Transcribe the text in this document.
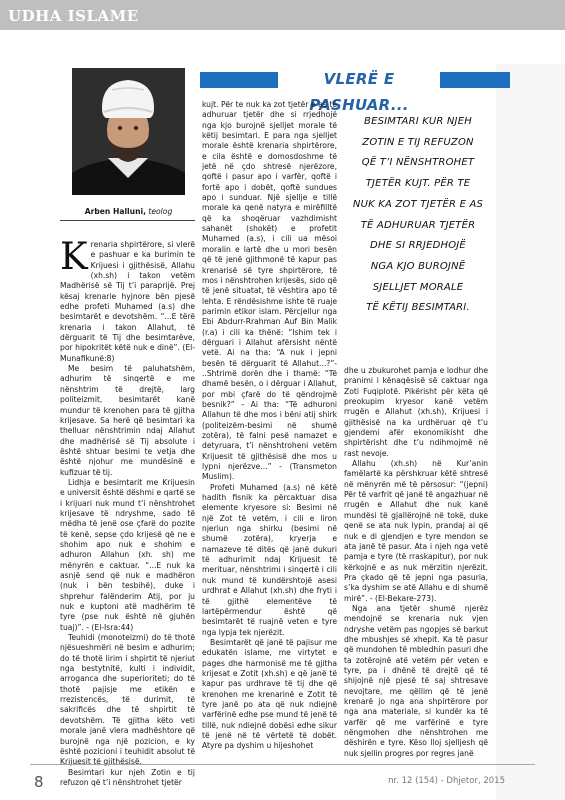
UDHA ISLAME
Arben Halluni, teolog
VLERË E PASHUAR...
BESIMTARI KUR NJEH
ZOTIN E TIJ REFUZON
QË T’I NËNSHTROHET
TJETËR KUJT. PËR TE
NUK KA ZOT TJETËR E AS
TË ADHURUAR TJETËR
DHE SI RRJEDHOJË
NGA KJO BUROJNË
SJELLJET MORALE
TË KËTIJ BESIMTARI.

Krenaria shpirtërore, si vlerë e pashuar e ka burimin te Krijuesi i gjithësisë, Allahu (xh.sh) i takon vetëm Madhërisë së Tij t’i parapriјë. Prej kësaj krenarie hyjnore bën pjesë edhe profeti Muhamed (a.s) dhe besimtarët e devotshëm. “...E tërë krenaria i takon Allahut, të dërguarit të Tij dhe besimtarëve, por hipokritët këtë nuk e dinë”. (El-Munafikunë:8)

Me besim të paluhatshëm, adhurim të sinqertë e me nënshtrim të drejtë, larg politeizmit, besimtarët kanë mundur të krenohen para të gjitha krijesave. Sa herë që besimtari ka thelluar nënshtrimin ndaj Allahut dhe madhërisë së Tij absolute i është shtuar besimi te vetja dhe është njohur me mundësinë e kufizuar të tij.

Lidhja e besimtarit me Krijuesin e universit është dëshmi e qartë se i krijuari nuk mund t’i nënshtrohet krijesave të ndryshme, sado të mëdha të jenë ose çfarë do pozite të kenë, sepse çdo krijesë që ne e shohim apo nuk e shohim e adhuron Allahun (xh. sh) me mënyrën e caktuar. “...E nuk ka asnjë send që nuk e madhëron (nuk i bën tesbihë), duke i shprehur falënderim Atij, por ju nuk e kuptoni atë madhërim të tyre (pse nuk është në gjuhën tuaj)”. - (El-Isra:44)

Teuhidi (monoteizmi) do të thotë njësueshmëri në besim e adhurim; do të thotë lirim i shpirtit të njeriut nga bestytnitë, kulti i individit, arroganca dhe superioriteti; do të thotë pajisje me etikën e rrezistencës, të durimit, të sakrificës dhe të shpirtit të devotshëm. Të gjitha këto veti morale janë vlera madhështore që burojnë nga një pozicion, e ky është pozicioni i teuhidit absolut të Krijuesit të gjithësisë.

Besimtari kur njeh Zotin e tij refuzon që t’i nënshtrohet tjetër

kujt. Për te nuk ka zot tjetër e as të adhuruar tjetër dhe si rrjedhojë nga kjo burojnë sjelljet morale të këtij besimtari. E para nga sjelljet morale është krenaria shpirtërore, e cila është e domosdoshme të jetë në çdo shtresë njerëzore, qoftë i pasur apo i varfër, qoftë i fortë apo i dobët, qoftë sundues apo i sunduar. Një sjellje e tillë morale ka qenë natyra e mirëfilltë që ka shoqëruar vazhdimisht sahanët (shokët) e profetit Muhamed (a.s), i cili ua mësoi moralin e lartë dhe u mori besën që të jenë gjithmonë të kapur pas krenarisë së tyre shpirtërore, të mos i nënshtrohen krijesës, sido që të jenë situatat, të vështira apo të lehta. E rëndësishme ishte të ruaje parimin etikor islam. Përcjellur nga Ebi Abdurr-Rrahman Auf Bin Malik (r.a) i cili ka thënë: “Ishim tek i dërguari i Allahut afërsisht nëntë vetë. Ai na tha: “A nuk i jepni besën të dërguarit të Allahut...?”- ..Shtrimë dorën dhe i thamë: “Të dhamë besën, o i dërguar i Allahut, por mbi çfarë do të qëndrojmë besnik?” – Ai tha: “Të adhuroni Allahun të dhe mos i bëni atij shirk (politeizëm-besimi në shumë zotëra), të falni pesë namazet e detyruara, t’i nënshtroheni vetëm Krijuesit të gjithësisë dhe mos u lypni njerëzve...” - (Transmeton Muslim).

Profeti Muhamed (a.s) në këtë hadith fisnik ka përcaktuar disa elemente kryesore si: Besimi në një Zot të vetëm, i cili e liron njeriun nga shirku (besimi në shumë zotëra), kryerja e namazeve të ditës që janë dukuri të adhurimit ndaj Krijuesit të merituar, nënshtrimi i sinqertë i cili nuk mund të kundërshtojë asesi urdhrat e Allahut (xh.sh) dhe fryti i të gjithë elementëve të lartëpërmendur është që besimtarët të ruajnë veten e tyre nga lypja tek njerëzit.

Besimtarët që janë të pajisur me edukatën islame, me virtytet e pages dhe harmonisë me të gjitha krijesat e Zotit (xh.sh) e që janë të kapur pas urdhrave të tij dhe që krenohen me krenarinë e Zotit të tyre janë po ata që nuk ndiejnë varfërinë edhe pse mund të jenë të tillë, nuk ndiejnë dobësi edhe sikur të jenë në të vërtetë të dobët. Atyre pa dyshim u hijeshohet

dhe u zbukurohet pamja e lodhur dhe pranimi i kënaqësisë së caktuar nga Zoti Fuqiplotë. Pikërisht për këta që preokupim kryesor kanë vetëm rrugën e Allahut (xh.sh), Krijuesi i gjithësisë na ka urdhëruar që t’u gjendemi afër ekonomikisht dhe shpirtërisht dhe t’u ndihmojmë në rast nevoje.

Allahu (xh.sh) në Kur’anin famëlartë ka përshkruar këtë shtresë në mënyrën më të përsosur: “(jepni) Për të varfrit që janë të angazhuar në rrugën e Allahut dhe nuk kanë mundësi të gjallërojnë në tokë, duke qenë se ata nuk lypin, prandaj ai që nuk e di gjendjen e tyre mendon se ata janë të pasur. Ata i njeh nga vetë pamja e tyre (të rraskapitur), por nuk kërkojnë e as nuk mërzitin njerëzit. Pra çkado që të jepni nga pasuria, s’ka dyshim se atë Allahu e di shumë mirë”. - (El-Bekare-273).

Nga ana tjetër shumë njerëz mendojnë se krenaria nuk vjen ndryshe vetëm pas ngopjes së barkut dhe mbushjes së xhepit. Ka të pasur që mundohen të mbledhin pasuri dhe ta zotërojnë atë vetëm për veten e tyre, pa i dhënë të drejtë që të shijojnë një pjesë të saj shtresave nevojtare, me qëllim që të jenë krenarë jo nga ana shpirtërore por nga ana materiale, si kundër ka të varfër që me varfërinë e tyre nëngmohen dhe nënshtrohen me dëshirën e tyre. Këso lloj sjelljesh që nuk sjellin progres por regres janë

8	nr. 12 (154) - Dhjetor, 2015
